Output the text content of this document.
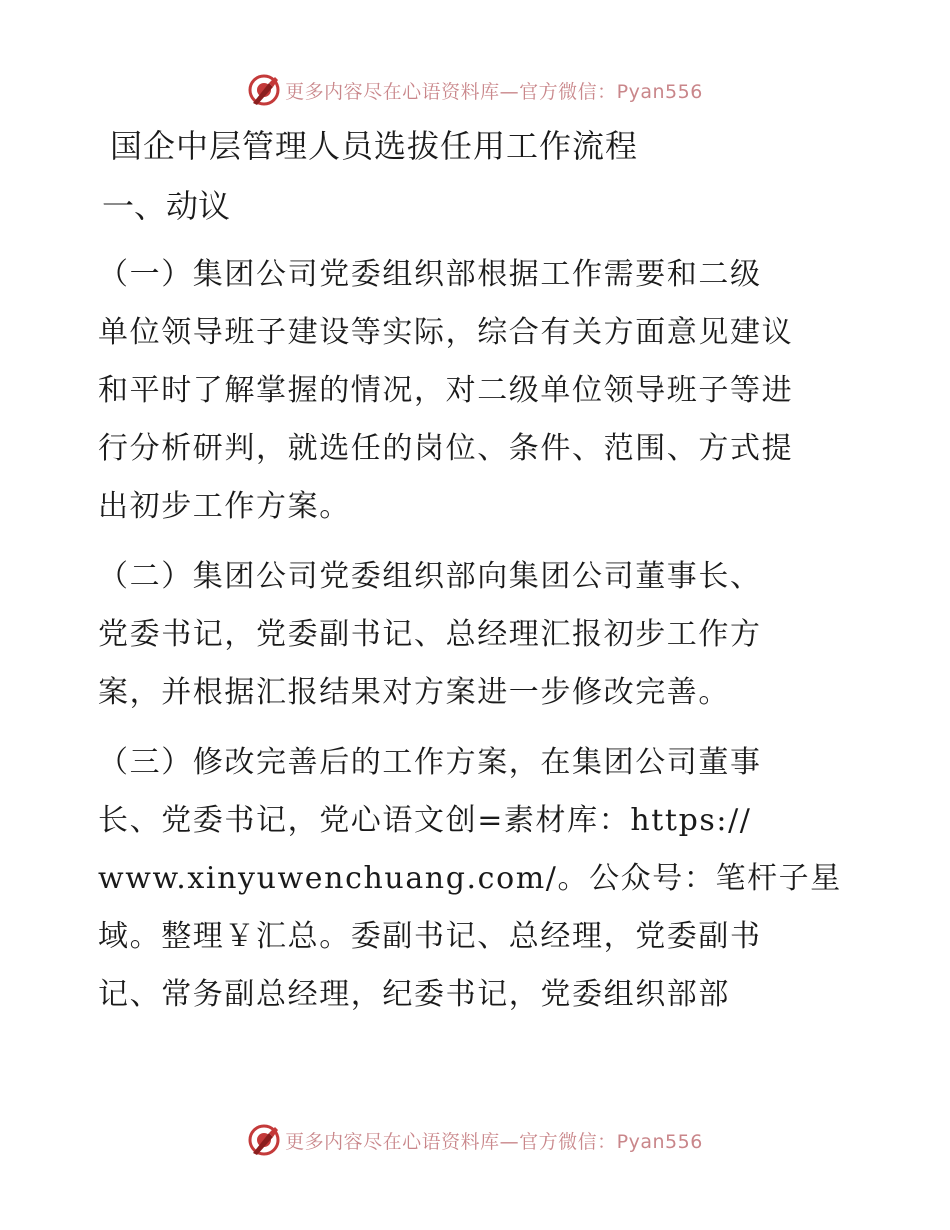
更多内容尽在心语资料库—官方微信：Pyan556
国企中层管理人员选拔任用工作流程
一、动议
（一）集团公司党委组织部根据工作需要和二级
单位领导班子建设等实际，综合有关方面意见建议
和平时了解掌握的情况，对二级单位领导班子等进
行分析研判，就选任的岗位、条件、范围、方式提
出初步工作方案。
（二）集团公司党委组织部向集团公司董事长、
党委书记，党委副书记、总经理汇报初步工作方
案，并根据汇报结果对方案进一步修改完善。
（三）修改完善后的工作方案，在集团公司董事
长、党委书记，党心语文创=素材库：https://
www.xinyuwenchuang.com/。公众号：笔杆子星
域。整理￥汇总。委副书记、总经理，党委副书
记、常务副总经理，纪委书记，党委组织部部
更多内容尽在心语资料库—官方微信：Pyan556
